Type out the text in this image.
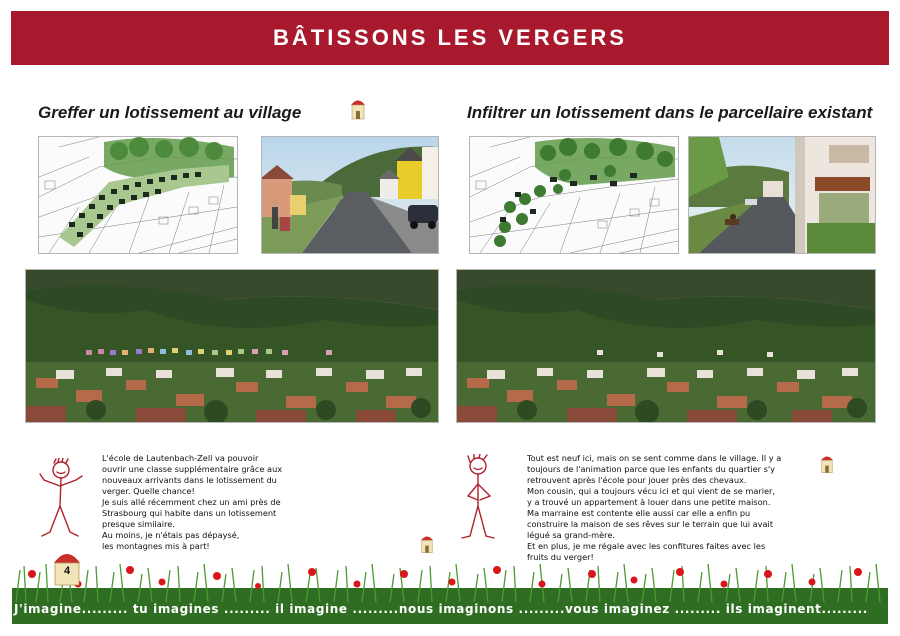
BÂTISSONS LES VERGERS
Greffer un lotissement au village	Infiltrer un lotissement dans le parcellaire existant

L'école de Lautenbach-Zell va pouvoir

ouvrir une classe supplémentaire grâce aux

nouveaux arrivants dans le lotissement du

verger. Quelle chance!

Je suis allé récemment chez un ami près de

Strasbourg qui habite dans un lotissement

presque similaire.

Au moins, je n'étais pas dépaysé,

les montagnes mis à part!

Tout est neuf ici, mais on se sent comme dans le village. Il y a

toujours de l'animation parce que les enfants du quartier s'y

retrouvent après l'école pour jouer près des chevaux.

Mon cousin, qui a toujours vécu ici et qui vient de se marier,

y a trouvé un appartement à louer dans une petite maison.

Ma marraine est contente elle aussi car elle a enfin pu

construire la maison de ses rêves sur le terrain que lui avait

légué sa grand-mère.

Et en plus, je me régale avec les confitures faites avec les

fruits du verger!

4
J'imagine......... tu imagines ......... il imagine .........nous imaginons .........vous imaginez ......... ils imaginent.........
